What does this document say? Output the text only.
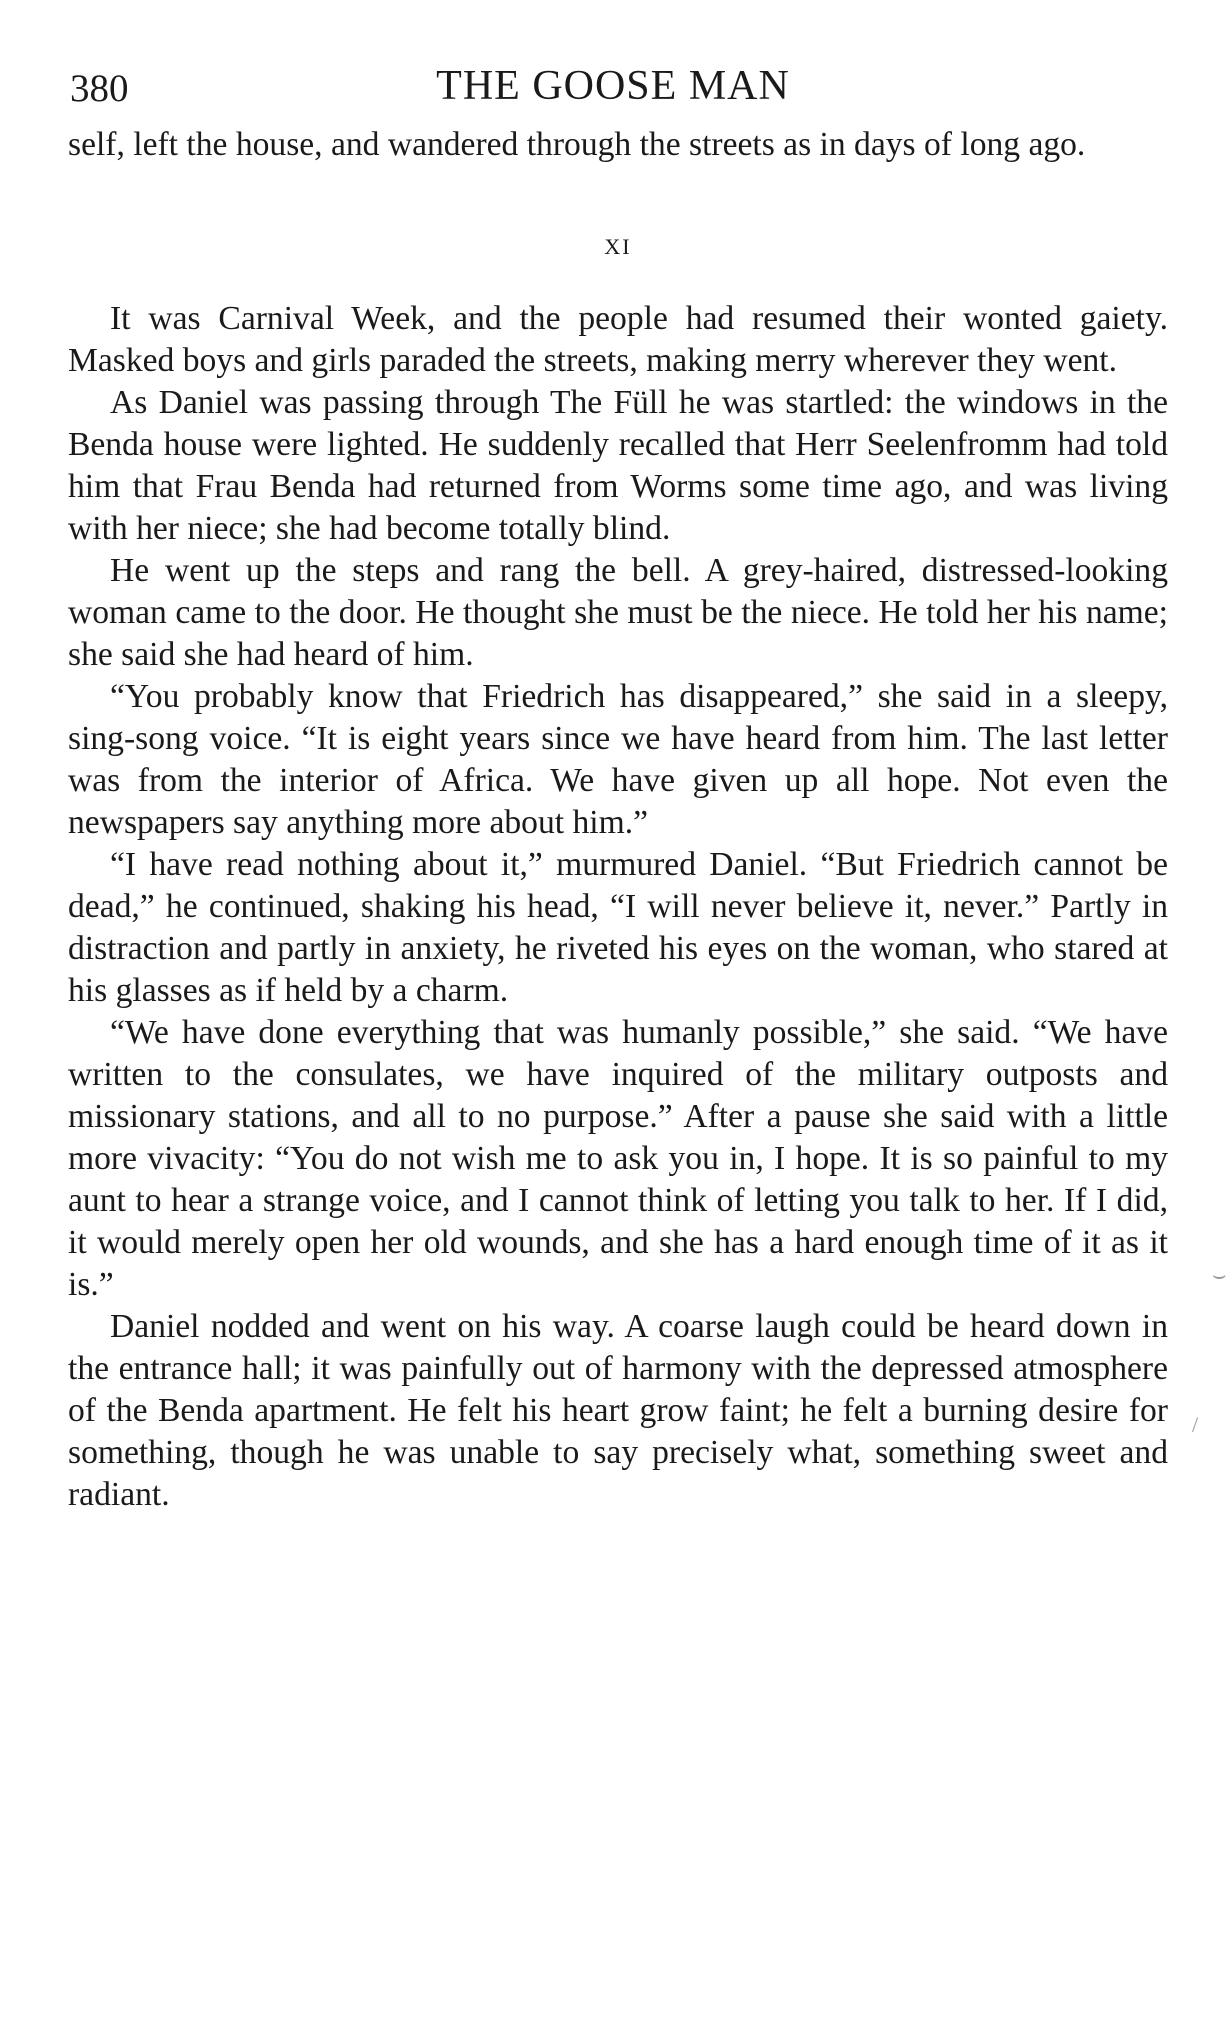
380	THE GOOSE MAN

self, left the house, and wandered through the streets as in days of long ago.

XI

It was Carnival Week, and the people had resumed their wonted gaiety. Masked boys and girls paraded the streets, making merry wherever they went.

As Daniel was passing through The Füll he was startled: the windows in the Benda house were lighted. He suddenly recalled that Herr Seelenfromm had told him that Frau Benda had returned from Worms some time ago, and was living with her niece; she had become totally blind.

He went up the steps and rang the bell. A grey-haired, distressed-looking woman came to the door. He thought she must be the niece. He told her his name; she said she had heard of him.

“You probably know that Friedrich has disappeared,” she said in a sleepy, sing-song voice. “It is eight years since we have heard from him. The last letter was from the interior of Africa. We have given up all hope. Not even the newspapers say anything more about him.”

“I have read nothing about it,” murmured Daniel. “But Friedrich cannot be dead,” he continued, shaking his head, “I will never believe it, never.” Partly in distraction and partly in anxiety, he riveted his eyes on the woman, who stared at his glasses as if held by a charm.

“We have done everything that was humanly possible,” she said. “We have written to the consulates, we have inquired of the military outposts and missionary stations, and all to no purpose.” After a pause she said with a little more vivacity: “You do not wish me to ask you in, I hope. It is so painful to my aunt to hear a strange voice, and I cannot think of letting you talk to her. If I did, it would merely open her old wounds, and she has a hard enough time of it as it is.”

Daniel nodded and went on his way. A coarse laugh could be heard down in the entrance hall; it was painfully out of harmony with the depressed atmosphere of the Benda apartment. He felt his heart grow faint; he felt a burning desire for something, though he was unable to say precisely what, something sweet and radiant.

⌣
/
